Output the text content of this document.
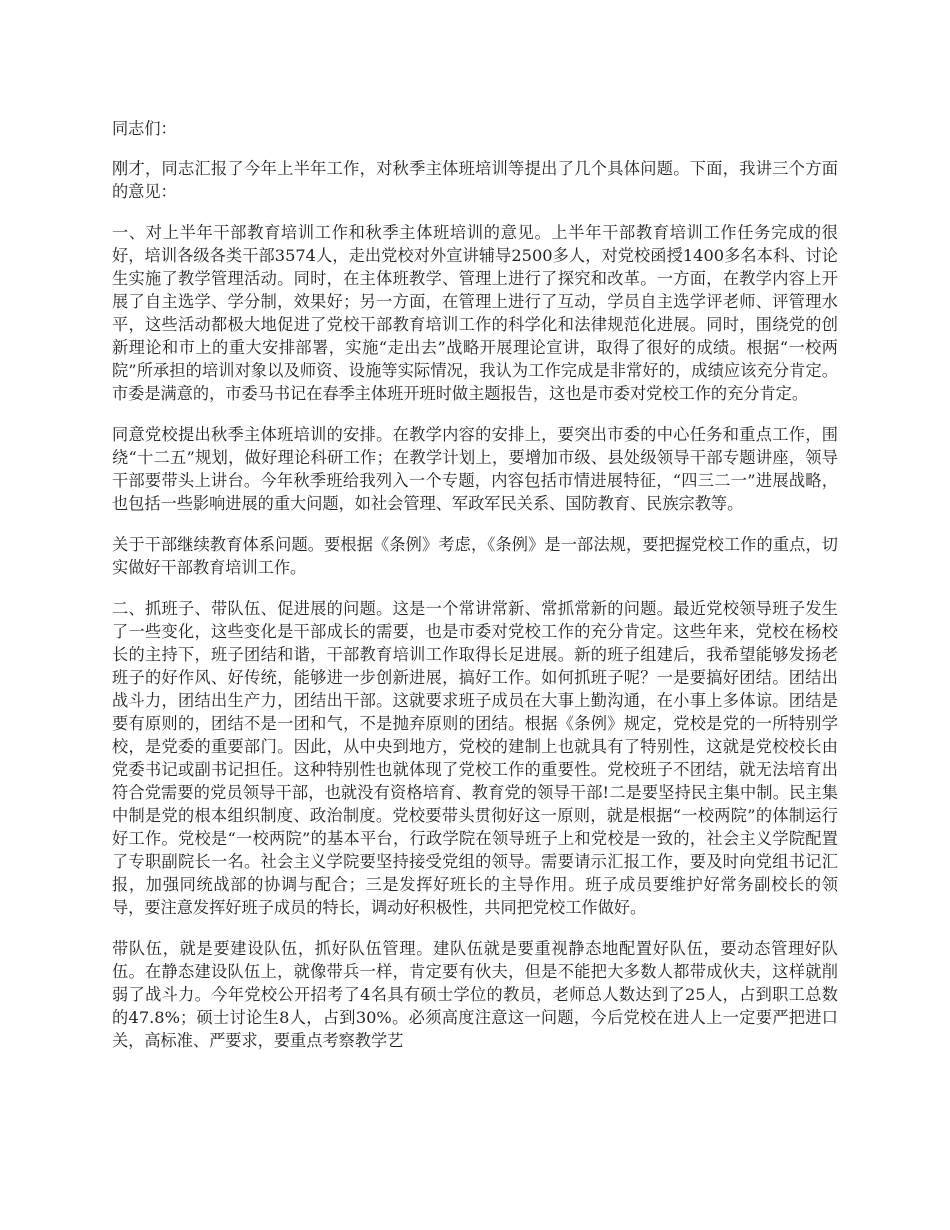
同志们：

刚才，同志汇报了今年上半年工作，对秋季主体班培训等提出了几个具体问题。下面，我讲三个方面的意见：

一、对上半年干部教育培训工作和秋季主体班培训的意见。上半年干部教育培训工作任务完成的很好，培训各级各类干部3574人，走出党校对外宣讲辅导2500多人，对党校函授1400多名本科、讨论生实施了教学管理活动。同时，在主体班教学、管理上进行了探究和改革。一方面，在教学内容上开展了自主选学、学分制，效果好；另一方面，在管理上进行了互动，学员自主选学评老师、评管理水平，这些活动都极大地促进了党校干部教育培训工作的科学化和法律规范化进展。同时，围绕党的创新理论和市上的重大安排部署，实施“走出去”战略开展理论宣讲，取得了很好的成绩。根据“一校两院”所承担的培训对象以及师资、设施等实际情况，我认为工作完成是非常好的，成绩应该充分肯定。市委是满意的，市委马书记在春季主体班开班时做主题报告，这也是市委对党校工作的充分肯定。

同意党校提出秋季主体班培训的安排。在教学内容的安排上，要突出市委的中心任务和重点工作，围绕“十二五”规划，做好理论科研工作；在教学计划上，要增加市级、县处级领导干部专题讲座，领导干部要带头上讲台。今年秋季班给我列入一个专题，内容包括市情进展特征，“四三二一”进展战略，也包括一些影响进展的重大问题，如社会管理、军政军民关系、国防教育、民族宗教等。

关于干部继续教育体系问题。要根据《条例》考虑，《条例》是一部法规，要把握党校工作的重点，切实做好干部教育培训工作。

二、抓班子、带队伍、促进展的问题。这是一个常讲常新、常抓常新的问题。最近党校领导班子发生了一些变化，这些变化是干部成长的需要，也是市委对党校工作的充分肯定。这些年来，党校在杨校长的主持下，班子团结和谐，干部教育培训工作取得长足进展。新的班子组建后，我希望能够发扬老班子的好作风、好传统，能够进一步创新进展，搞好工作。如何抓班子呢？一是要搞好团结。团结出战斗力，团结出生产力，团结出干部。这就要求班子成员在大事上勤沟通，在小事上多体谅。团结是要有原则的，团结不是一团和气，不是抛弃原则的团结。根据《条例》规定，党校是党的一所特别学校，是党委的重要部门。因此，从中央到地方，党校的建制上也就具有了特别性，这就是党校校长由党委书记或副书记担任。这种特别性也就体现了党校工作的重要性。党校班子不团结，就无法培育出符合党需要的党员领导干部，也就没有资格培育、教育党的领导干部!二是要坚持民主集中制。民主集中制是党的根本组织制度、政治制度。党校要带头贯彻好这一原则，就是根据“一校两院”的体制运行好工作。党校是“一校两院”的基本平台，行政学院在领导班子上和党校是一致的，社会主义学院配置了专职副院长一名。社会主义学院要坚持接受党组的领导。需要请示汇报工作，要及时向党组书记汇报，加强同统战部的协调与配合；三是发挥好班长的主导作用。班子成员要维护好常务副校长的领导，要注意发挥好班子成员的特长，调动好积极性，共同把党校工作做好。

带队伍，就是要建设队伍，抓好队伍管理。建队伍就是要重视静态地配置好队伍，要动态管理好队伍。在静态建设队伍上，就像带兵一样，肯定要有伙夫，但是不能把大多数人都带成伙夫，这样就削弱了战斗力。今年党校公开招考了4名具有硕士学位的教员，老师总人数达到了25人，占到职工总数的47.8%；硕士讨论生8人，占到30%。必须高度注意这一问题，今后党校在进人上一定要严把进口关，高标准、严要求，要重点考察教学艺
